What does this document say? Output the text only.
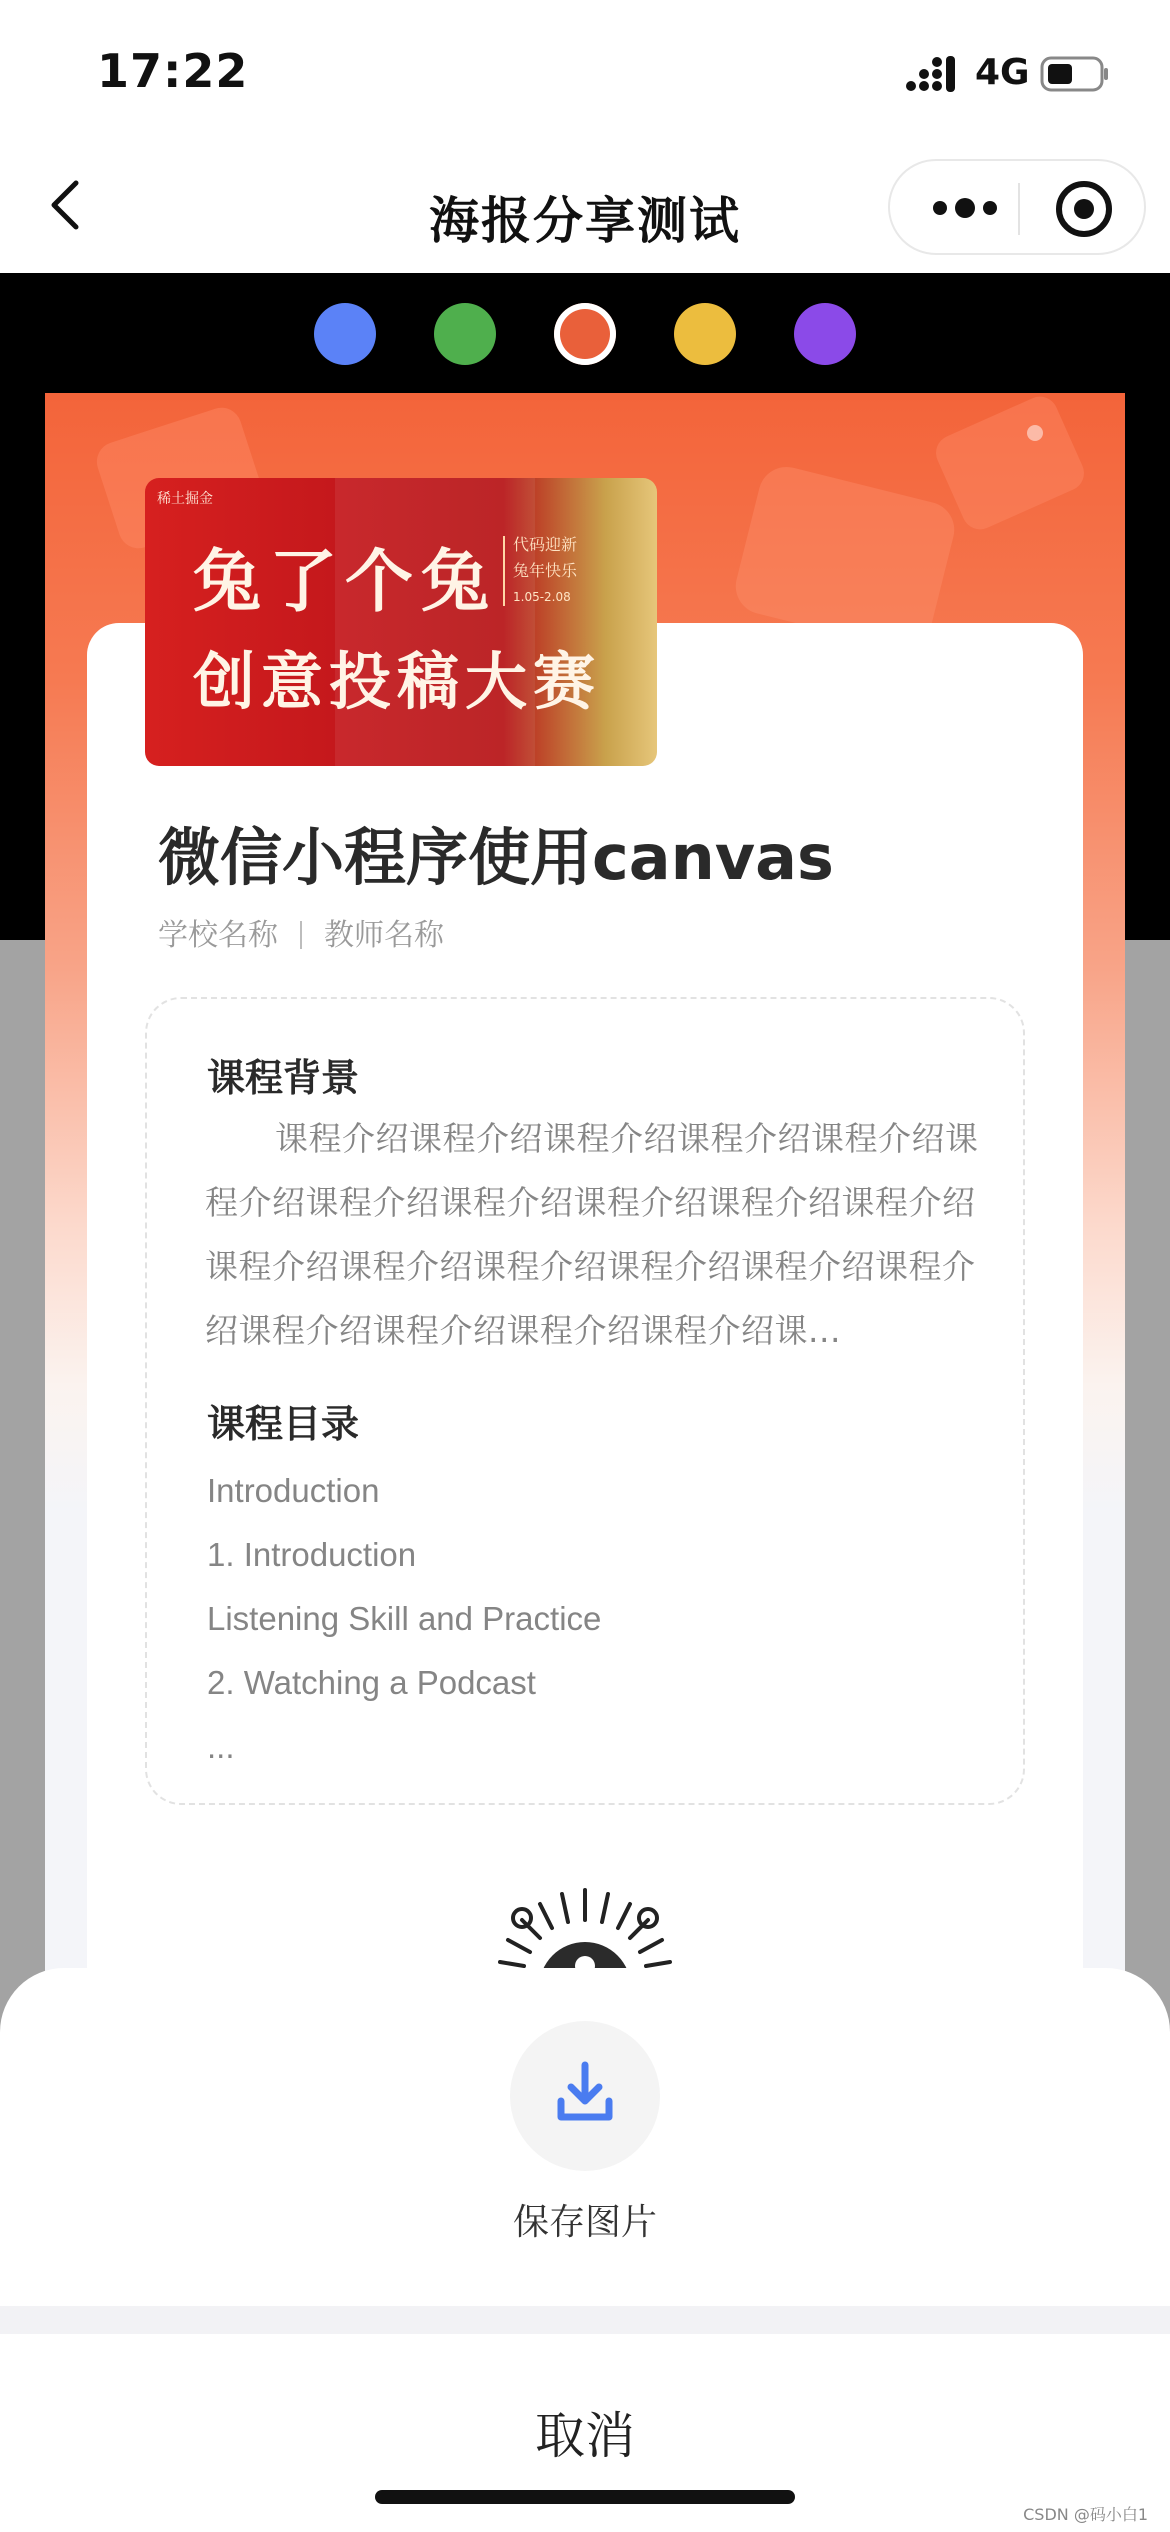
17:22	4G
海报分享测试
稀土掘金
兔了个兔
创意投稿大赛
代码迎新
兔年快乐
1.05-2.08
微信小程序使用canvas
学校名称 教师名称
课程背景
课程介绍课程介绍课程介绍课程介绍课程介绍课程介绍课程介绍课程介绍课程介绍课程介绍课程介绍课程介绍课程介绍课程介绍课程介绍课程介绍课程介绍课程介绍课程介绍课程介绍课程介绍课...
课程目录
Introduction
1. Introduction
Listening Skill and Practice
2. Watching a Podcast
...
保存图片
取消
CSDN @码小白1
